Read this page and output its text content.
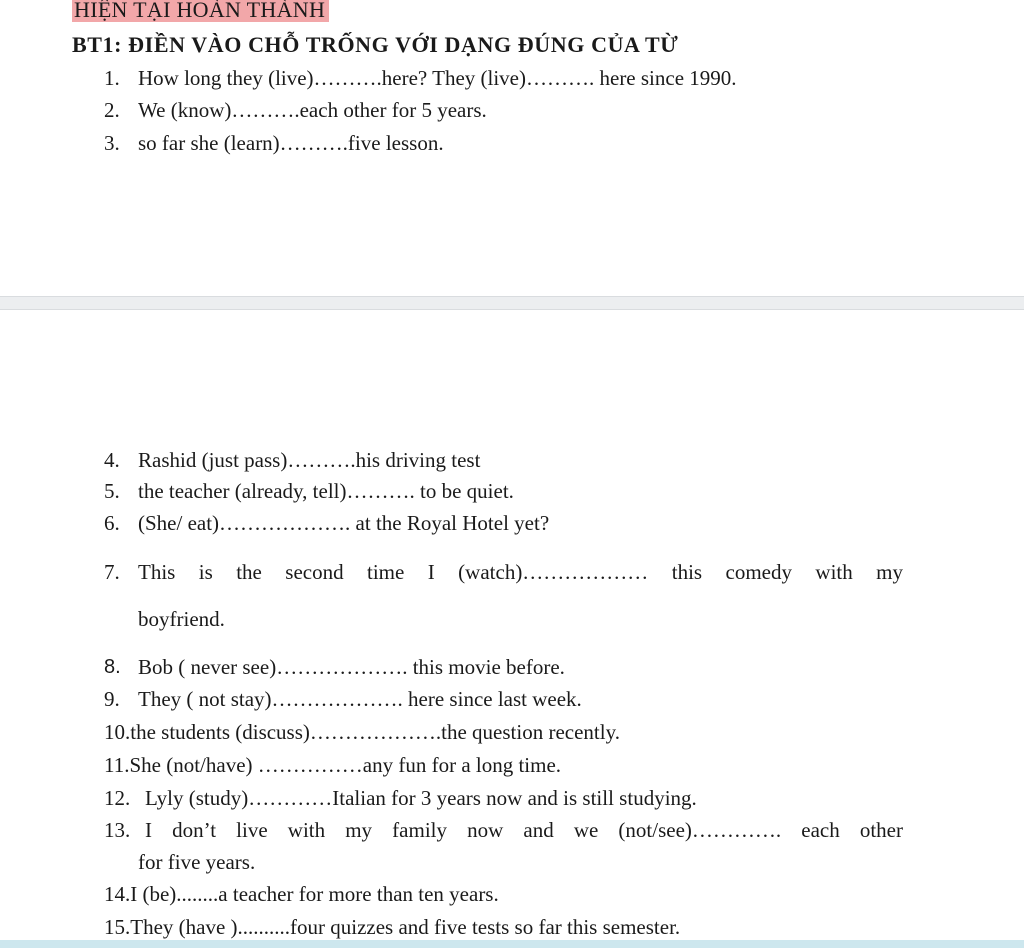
HIỆN TẠI HOÀN THÀNH
BT1: ĐIỀN VÀO CHỖ TRỐNG VỚI DẠNG ĐÚNG CỦA TỪ
1. How long they (live)……….here? They (live)………. here since 1990.
2. We (know)……….each other for 5 years.
3. so far she (learn)……….five lesson.
4. Rashid (just pass)……….his driving test
5. the teacher (already, tell)………. to be quiet.
6. (She/ eat)………………. at the Royal Hotel yet?
7. This is the second time I (watch)……………… this comedy with my
boyfriend.
8. Bob ( never see)………………. this movie before.
9. They ( not stay)………………. here since last week.
10.the students (discuss)……………….the question recently.
11.She (not/have) ……………any fun for a long time.
12. Lyly (study)…………Italian for 3 years now and is still studying.
13. I don’t live with my family now and we (not/see)…………. each other
for five years.
14.I (be)........a teacher for more than ten years.
15.They (have )..........four quizzes and five tests so far this semester.
